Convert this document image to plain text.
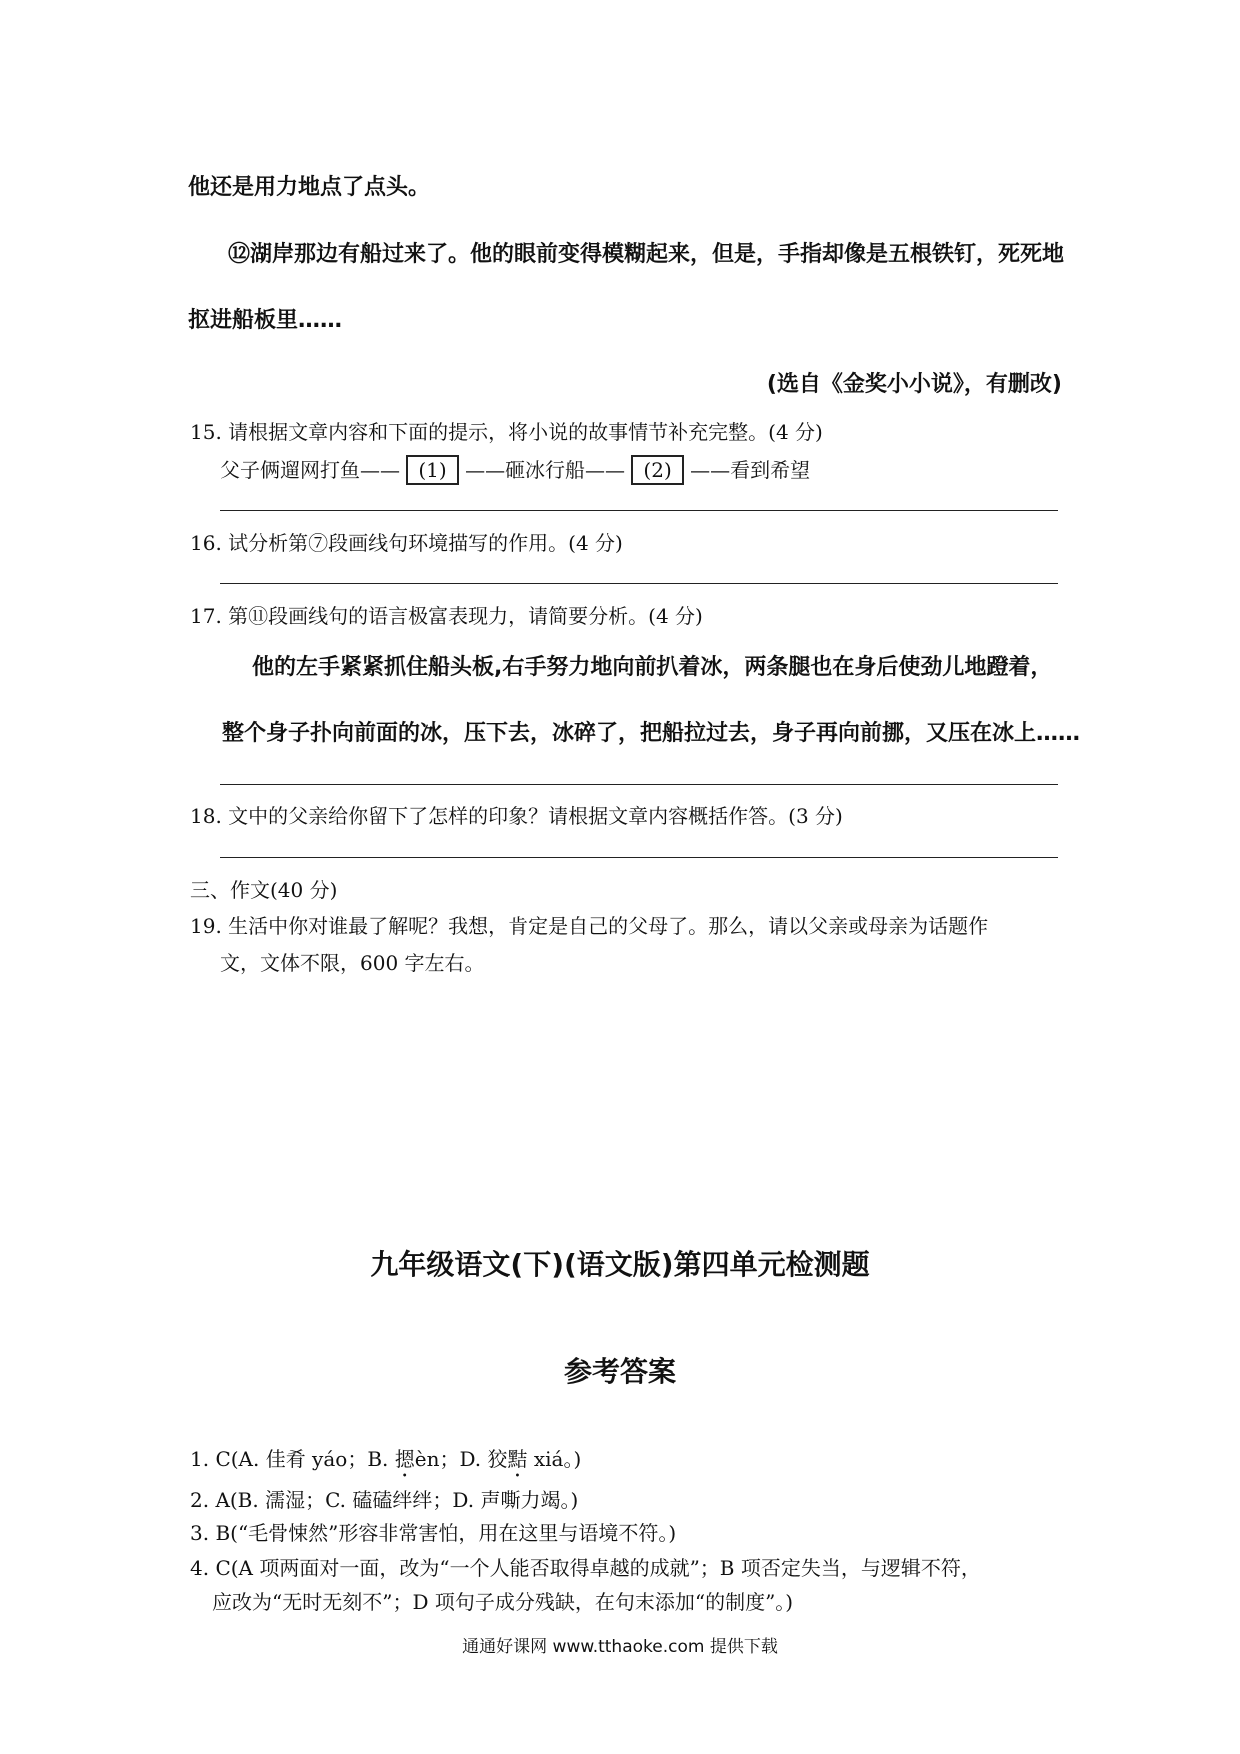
他还是用力地点了点头。
⑫湖岸那边有船过来了。他的眼前变得模糊起来，但是，手指却像是五根铁钉，死死地
抠进船板里……
(选自《金奖小小说》，有删改)
15. 请根据文章内容和下面的提示，将小说的故事情节补充完整。(4 分)
父子俩遛网打鱼—— (1) ——砸冰行船—— (2) ——看到希望
16. 试分析第⑦段画线句环境描写的作用。(4 分)
17. 第⑪段画线句的语言极富表现力，请简要分析。(4 分)
他的左手紧紧抓住船头板,右手努力地向前扒着冰，两条腿也在身后使劲儿地蹬着，
整个身子扑向前面的冰，压下去，冰碎了，把船拉过去，身子再向前挪，又压在冰上……
18. 文中的父亲给你留下了怎样的印象？请根据文章内容概括作答。(3 分)
三、作文(40 分)
19. 生活中你对谁最了解呢？我想，肯定是自己的父母了。那么，请以父亲或母亲为话题作
文，文体不限，600 字左右。
九年级语文(下)(语文版)第四单元检测题
参考答案
1. C(A. 佳肴 yáo；B. 摁èn；D. 狡黠 xiá。)
2. A(B. 濡湿；C. 磕磕绊绊；D. 声嘶力竭。)
3. B(“毛骨悚然”形容非常害怕，用在这里与语境不符。)
4. C(A 项两面对一面，改为“一个人能否取得卓越的成就”；B 项否定失当，与逻辑不符，
应改为“无时无刻不”；D 项句子成分残缺，在句末添加“的制度”。)
通通好课网 www.tthaoke.com 提供下载
